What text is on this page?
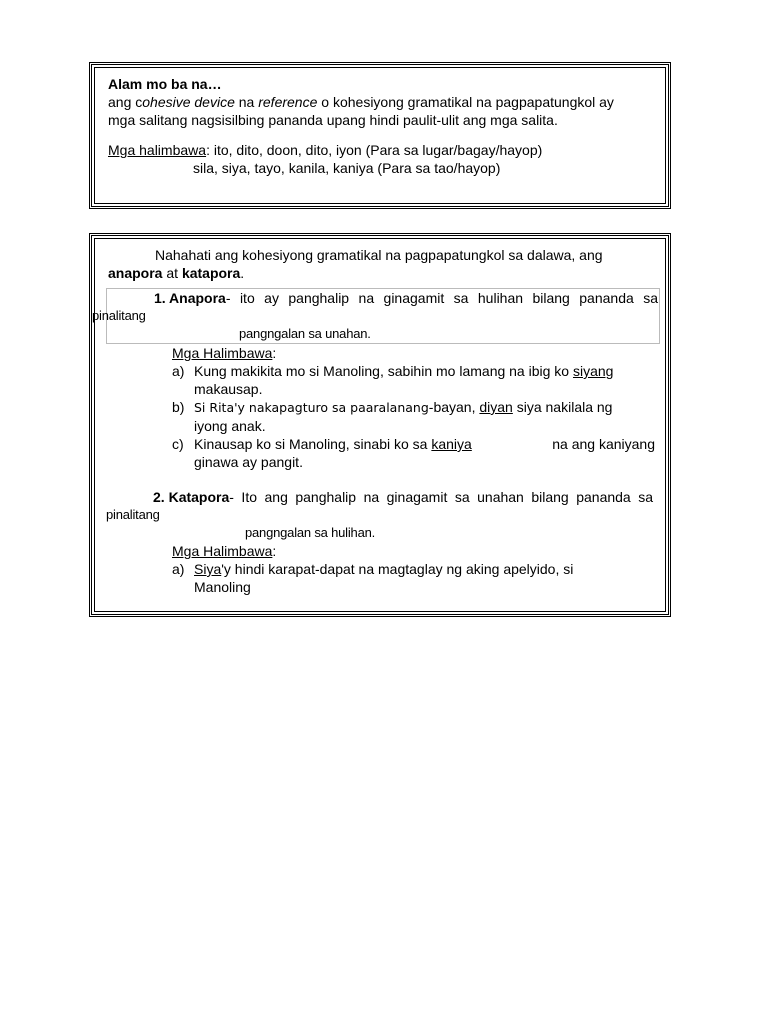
Alam mo ba na…
ang cohesive device na reference o kohesiyong gramatikal na pagpapatungkol ay
mga salitang nagsisilbing pananda upang hindi paulit-ulit ang mga salita.
Mga halimbawa: ito, dito, doon, dito, iyon (Para sa lugar/bagay/hayop)
sila, siya, tayo, kanila, kaniya (Para sa tao/hayop)
Nahahati ang kohesiyong gramatikal na pagpapatungkol sa dalawa, ang
anapora at katapora.
1. Anapora - ito ay panghalip na ginagamit sa hulihan bilang pananda sa
pinalitang
pangngalan sa unahan.
Mga Halimbawa:
a) Kung makikita mo si Manoling, sabihin mo lamang na ibig ko siyang
makausap.
b) Si Rita'y nakapagturo sa paaralanang-bayan, diyan siya nakilala ng
iyong anak.
c) Kinausap ko si Manoling, sinabi ko sa kaniya	na ang kaniyang
ginawa ay pangit.
2. Katapora - Ito ang panghalip na ginagamit sa unahan bilang pananda sa
pinalitang
pangngalan sa hulihan.
Mga Halimbawa:
a) Siya'y hindi karapat-dapat na magtaglay ng aking apelyido, si
Manoling
